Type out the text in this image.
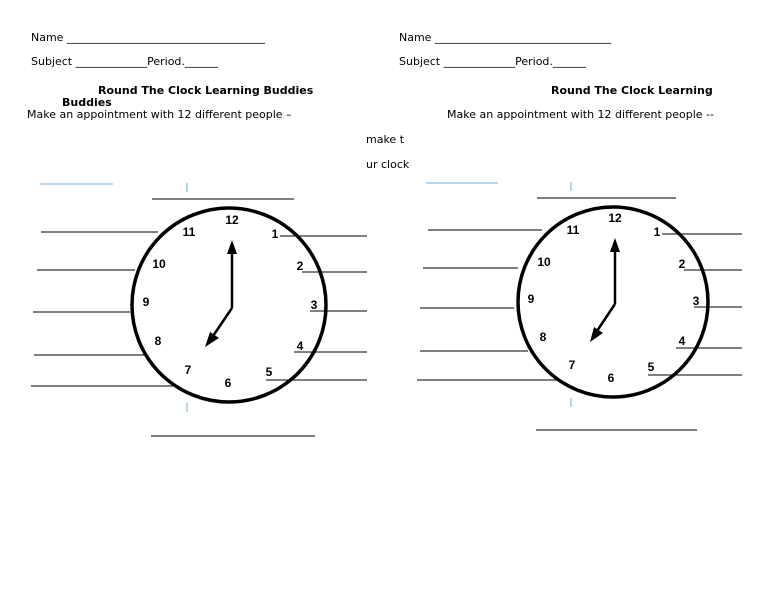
Name ____________________________________
Subject _____________Period.______
Round The Clock Learning Buddies
Buddies
Make an appointment with 12 different people –
make t
ur clock
Name ________________________________
Subject _____________Period.______
Round The Clock Learning
Make an appointment with 12 different people --
12
1
2
3
4
5
6
7
8
9
10
11
12
1
2
3
4
5
6
7
8
9
10
11
